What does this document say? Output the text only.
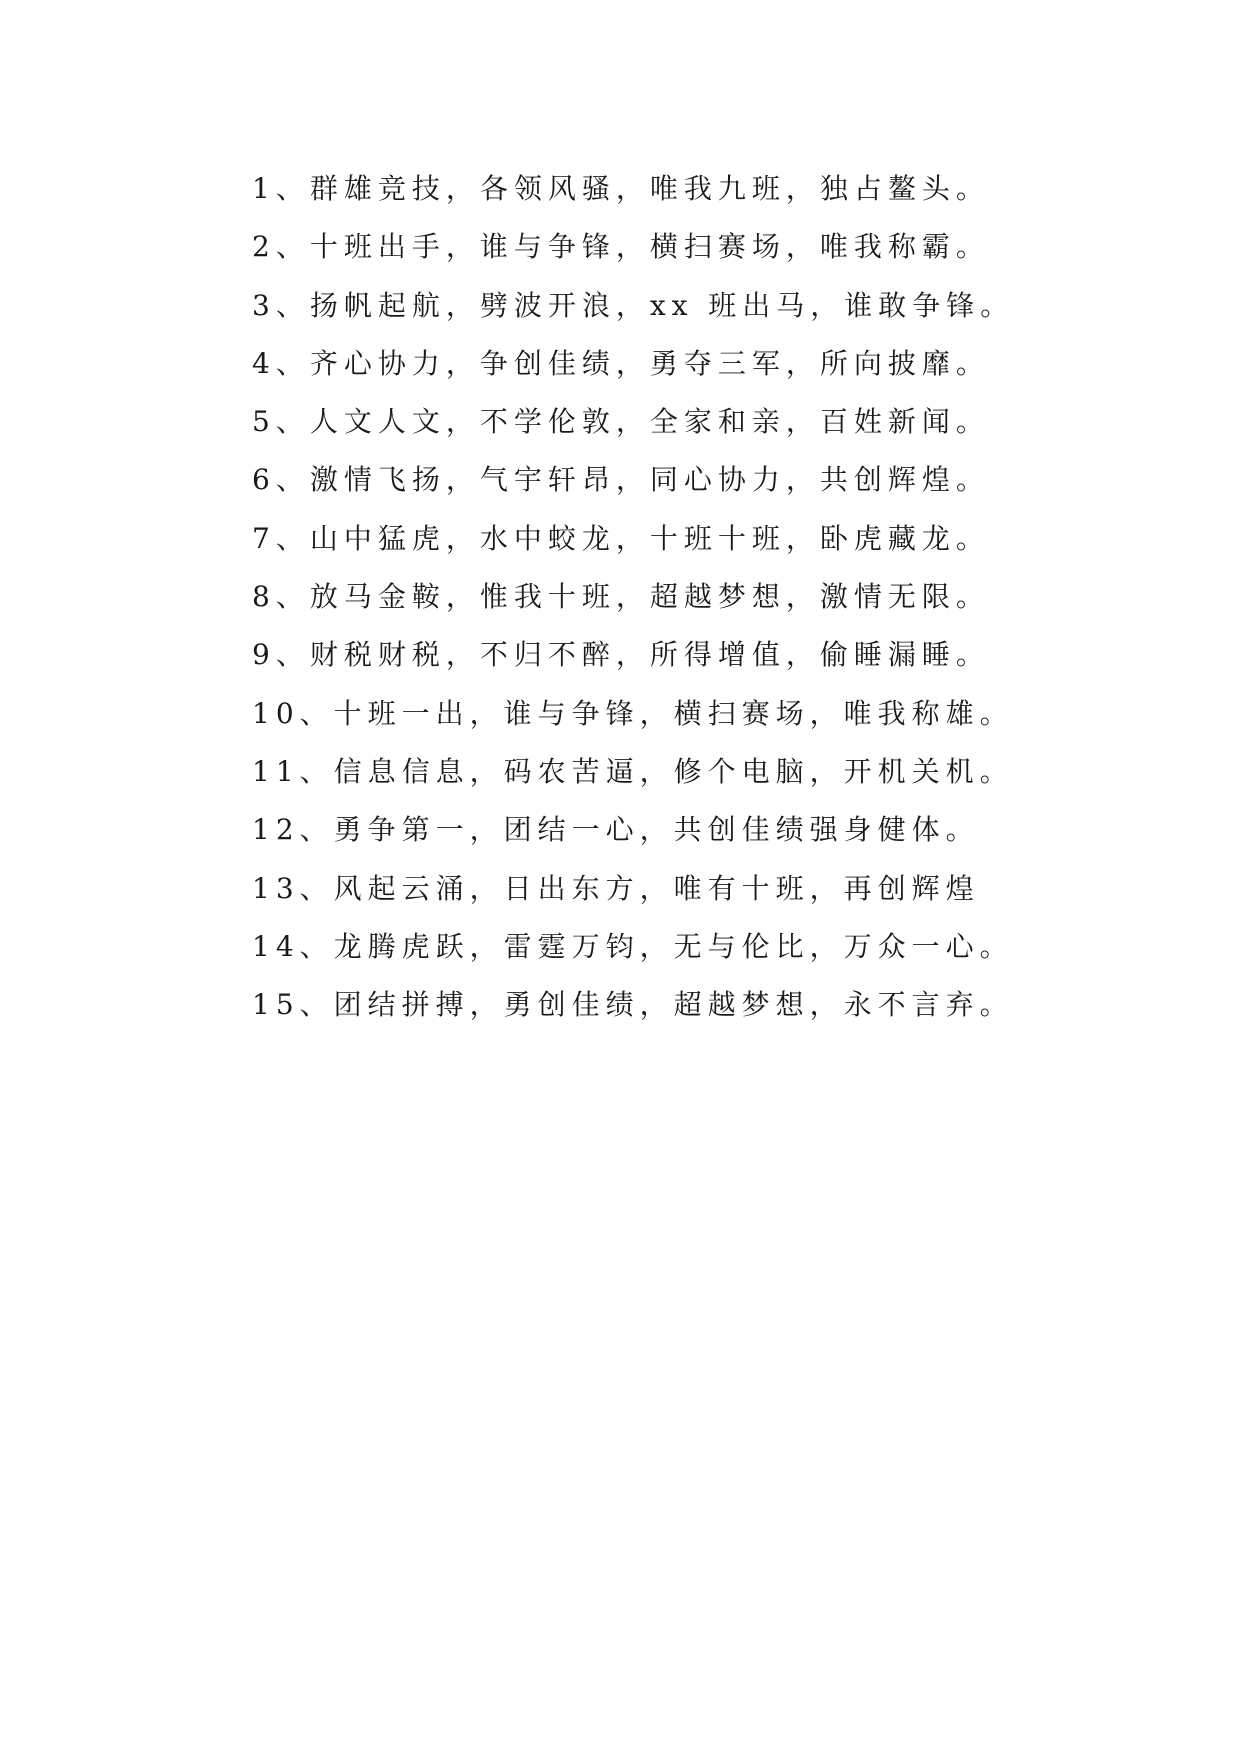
1、群雄竞技，各领风骚，唯我九班，独占鳌头。
2、十班出手，谁与争锋，横扫赛场，唯我称霸。
3、扬帆起航，劈波开浪，xx 班出马，谁敢争锋。
4、齐心协力，争创佳绩，勇夺三军，所向披靡。
5、人文人文，不学伦敦，全家和亲，百姓新闻。
6、激情飞扬，气宇轩昂，同心协力，共创辉煌。
7、山中猛虎，水中蛟龙，十班十班，卧虎藏龙。
8、放马金鞍，惟我十班，超越梦想，激情无限。
9、财税财税，不归不醉，所得增值，偷睡漏睡。
10、十班一出，谁与争锋，横扫赛场，唯我称雄。
11、信息信息，码农苦逼，修个电脑，开机关机。
12、勇争第一，团结一心，共创佳绩强身健体。
13、风起云涌，日出东方，唯有十班，再创辉煌
14、龙腾虎跃，雷霆万钧，无与伦比，万众一心。
15、团结拼搏，勇创佳绩，超越梦想，永不言弃。
